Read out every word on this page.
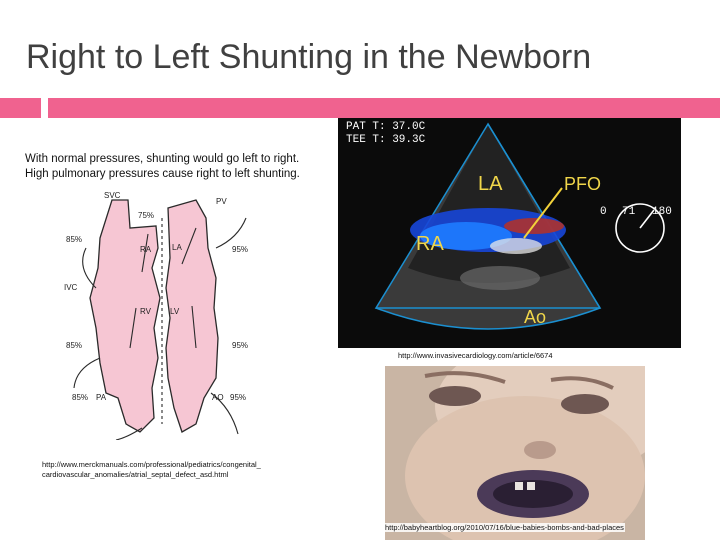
Right to Left Shunting in the Newborn
With normal pressures, shunting would go left to right.
High pulmonary pressures cause right to left shunting.
SVC
PV
75%
RA	LA
85%
95%
IVC
RV LV
85%	95%
85% PA	AO 95%
PAT T: 37.0C
TEE T: 39.3C
LA	PFO
RA
Ao
0 71 180
http://www.invasivecardiology.com/article/6674
http://www.merckmanuals.com/professional/pediatrics/congenital_
cardiovascular_anomalies/atrial_septal_defect_asd.html
http://babyheartblog.org/2010/07/16/blue-babies-bombs-and-bad-places
